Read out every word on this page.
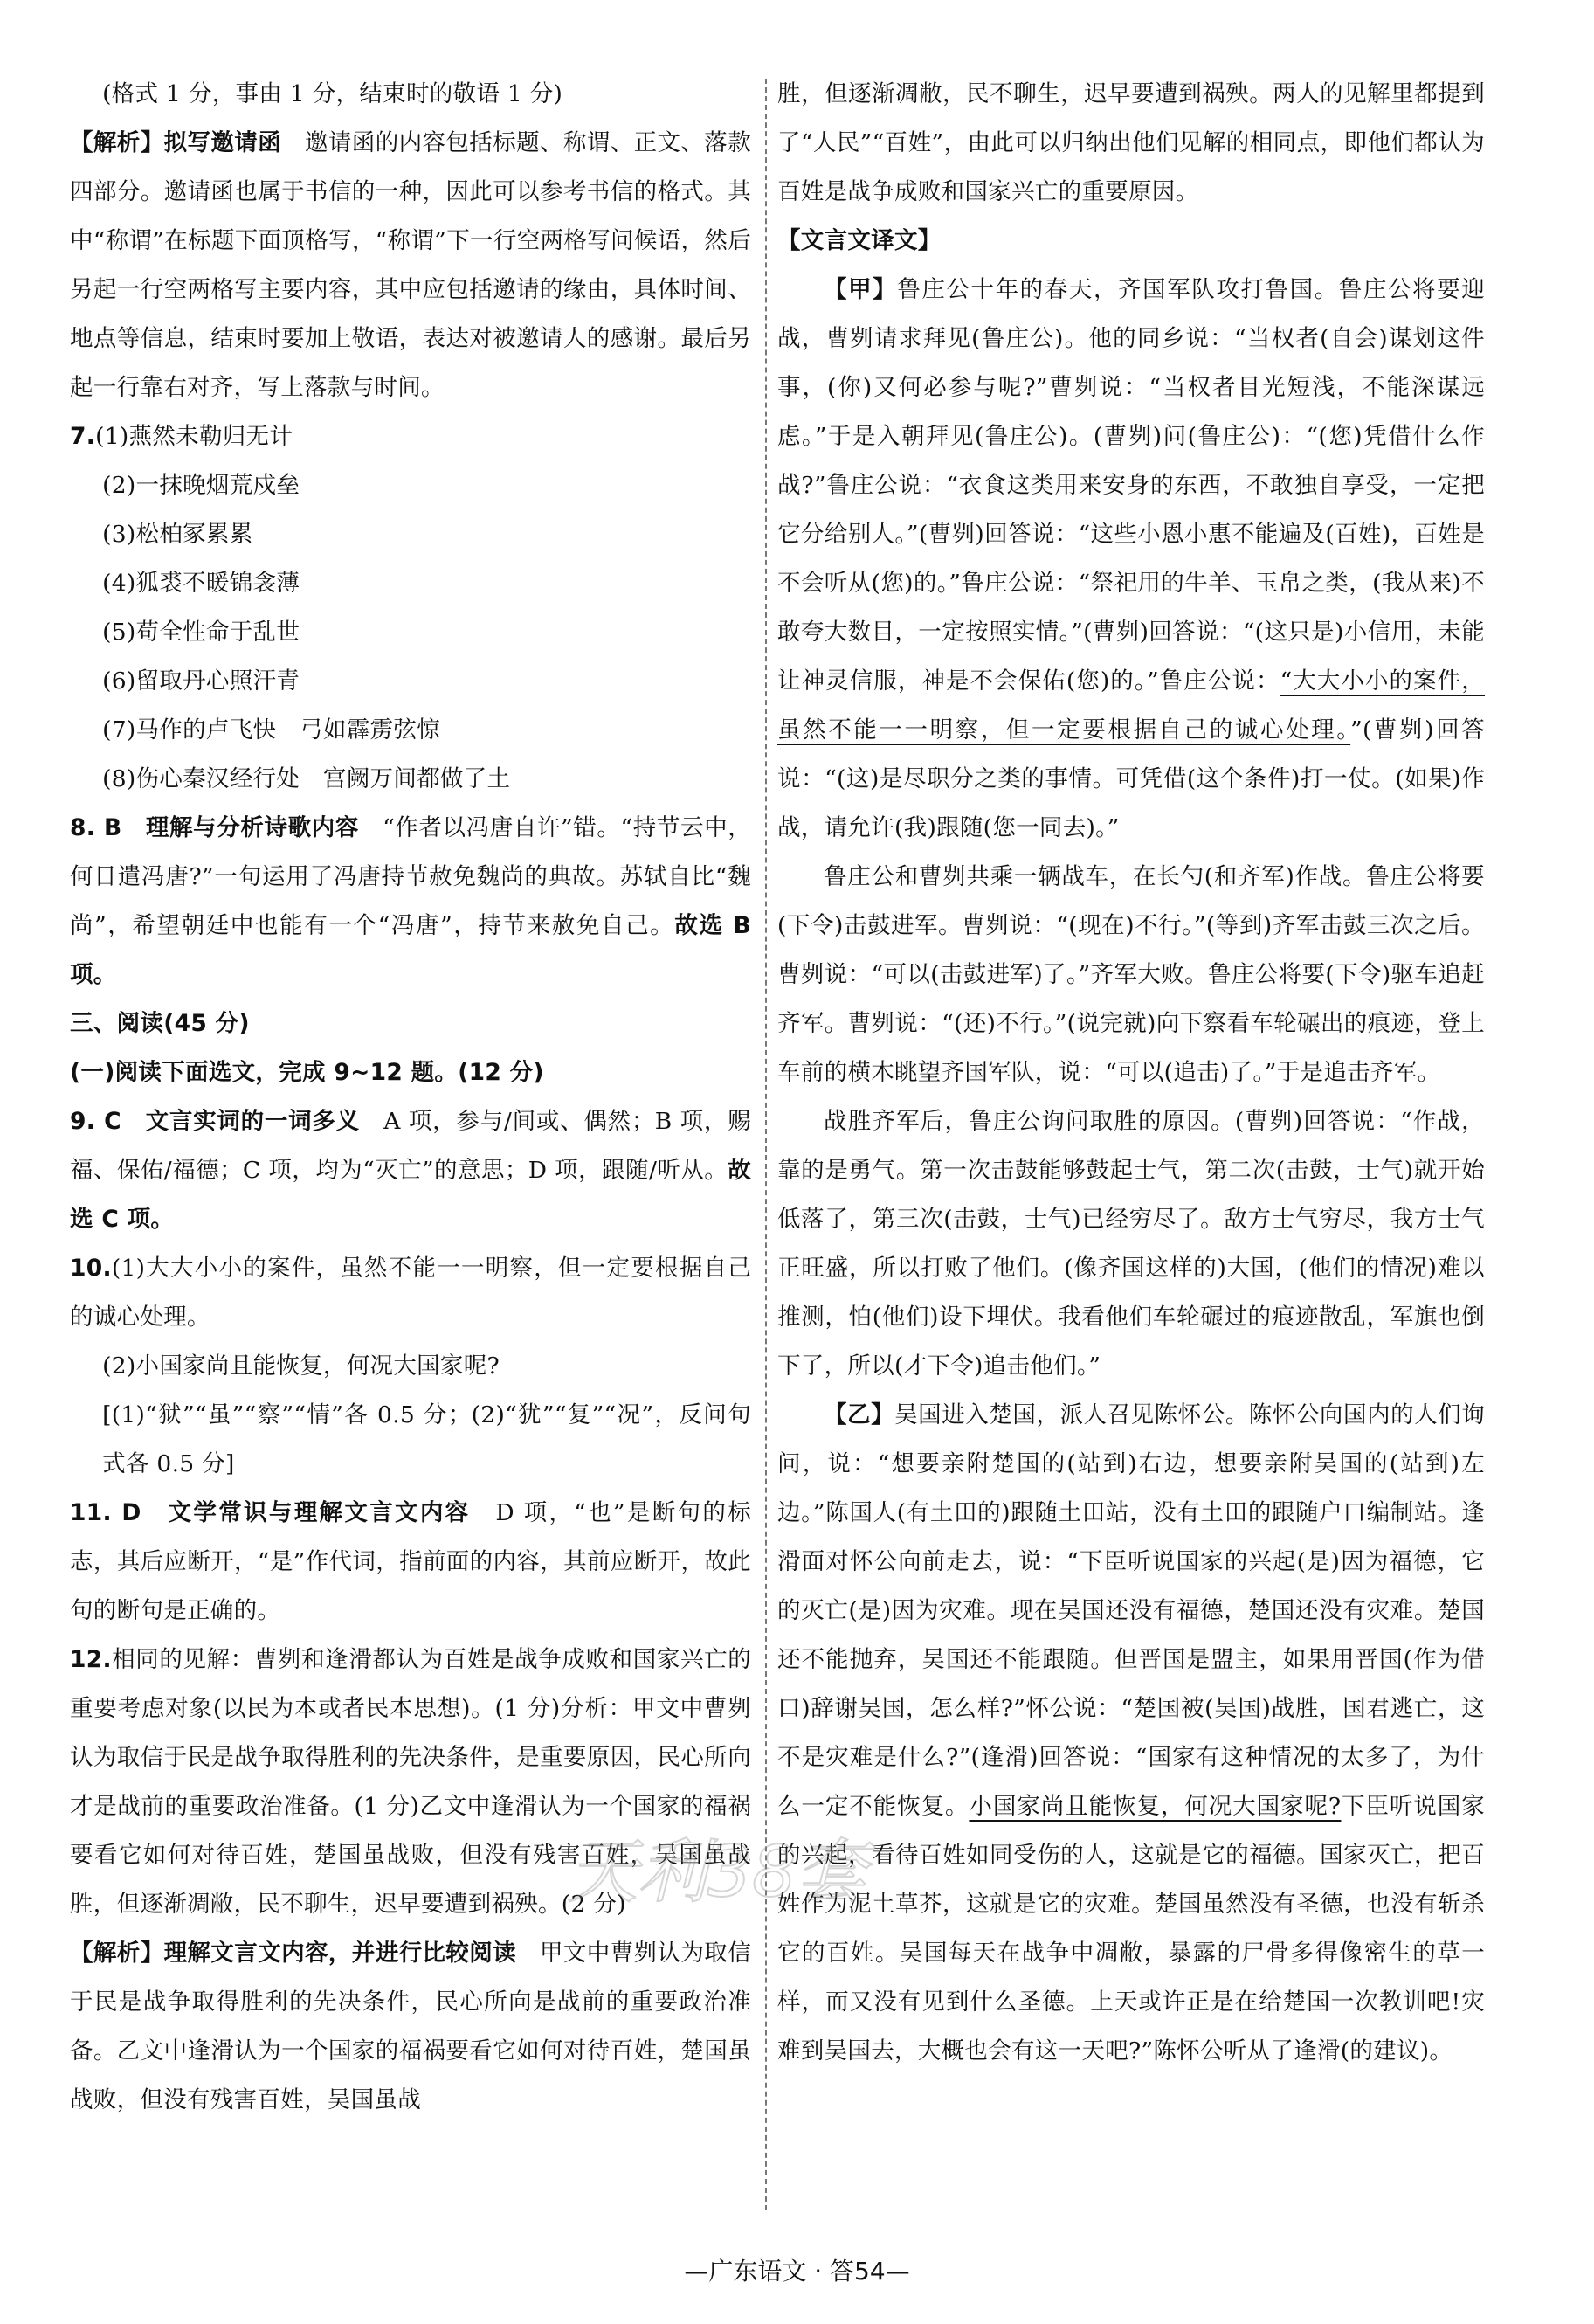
(格式 1 分，事由 1 分，结束时的敬语 1 分)

【解析】拟写邀请函　邀请函的内容包括标题、称谓、正文、落款四部分。邀请函也属于书信的一种，因此可以参考书信的格式。其中“称谓”在标题下面顶格写，“称谓”下一行空两格写问候语，然后另起一行空两格写主要内容，其中应包括邀请的缘由，具体时间、地点等信息，结束时要加上敬语，表达对被邀请人的感谢。最后另起一行靠右对齐，写上落款与时间。

7.(1)燕然未勒归无计

(2)一抹晚烟荒戍垒

(3)松柏冢累累

(4)狐裘不暖锦衾薄

(5)苟全性命于乱世

(6)留取丹心照汗青

(7)马作的卢飞快　弓如霹雳弦惊

(8)伤心秦汉经行处　宫阙万间都做了土

8. B　理解与分析诗歌内容　“作者以冯唐自许”错。“持节云中，何日遣冯唐?”一句运用了冯唐持节赦免魏尚的典故。苏轼自比“魏尚”，希望朝廷中也能有一个“冯唐”，持节来赦免自己。故选 B 项。

三、阅读(45 分)

(一)阅读下面选文，完成 9~12 题。(12 分)

9. C　文言实词的一词多义　A 项，参与/间或、偶然；B 项，赐福、保佑/福德；C 项，均为“灭亡”的意思；D 项，跟随/听从。故选 C 项。

10.(1)大大小小的案件，虽然不能一一明察，但一定要根据自己的诚心处理。

(2)小国家尚且能恢复，何况大国家呢?

[(1)“狱”“虽”“察”“情”各 0.5 分；(2)“犹”“复”“况”，反问句式各 0.5 分]

11. D　文学常识与理解文言文内容　D 项，“也”是断句的标志，其后应断开，“是”作代词，指前面的内容，其前应断开，故此句的断句是正确的。

12.相同的见解：曹刿和逢滑都认为百姓是战争成败和国家兴亡的重要考虑对象(以民为本或者民本思想)。(1 分)分析：甲文中曹刿认为取信于民是战争取得胜利的先决条件，是重要原因，民心所向才是战前的重要政治准备。(1 分)乙文中逢滑认为一个国家的福祸要看它如何对待百姓，楚国虽战败，但没有残害百姓，吴国虽战胜，但逐渐凋敝，民不聊生，迟早要遭到祸殃。(2 分)

【解析】理解文言文内容，并进行比较阅读　甲文中曹刿认为取信于民是战争取得胜利的先决条件，民心所向是战前的重要政治准备。乙文中逢滑认为一个国家的福祸要看它如何对待百姓，楚国虽战败，但没有残害百姓，吴国虽战

胜，但逐渐凋敝，民不聊生，迟早要遭到祸殃。两人的见解里都提到了“人民”“百姓”，由此可以归纳出他们见解的相同点，即他们都认为百姓是战争成败和国家兴亡的重要原因。

【文言文译文】

【甲】鲁庄公十年的春天，齐国军队攻打鲁国。鲁庄公将要迎战，曹刿请求拜见(鲁庄公)。他的同乡说：“当权者(自会)谋划这件事，(你)又何必参与呢?”曹刿说：“当权者目光短浅，不能深谋远虑。”于是入朝拜见(鲁庄公)。(曹刿)问(鲁庄公)：“(您)凭借什么作战?”鲁庄公说：“衣食这类用来安身的东西，不敢独自享受，一定把它分给别人。”(曹刿)回答说：“这些小恩小惠不能遍及(百姓)，百姓是不会听从(您)的。”鲁庄公说：“祭祀用的牛羊、玉帛之类，(我从来)不敢夸大数目，一定按照实情。”(曹刿)回答说：“(这只是)小信用，未能让神灵信服，神是不会保佑(您)的。”鲁庄公说：“大大小小的案件，虽然不能一一明察，但一定要根据自己的诚心处理。”(曹刿)回答说：“(这)是尽职分之类的事情。可凭借(这个条件)打一仗。(如果)作战，请允许(我)跟随(您一同去)。”

鲁庄公和曹刿共乘一辆战车，在长勺(和齐军)作战。鲁庄公将要(下令)击鼓进军。曹刿说：“(现在)不行。”(等到)齐军击鼓三次之后。曹刿说：“可以(击鼓进军)了。”齐军大败。鲁庄公将要(下令)驱车追赶齐军。曹刿说：“(还)不行。”(说完就)向下察看车轮碾出的痕迹，登上车前的横木眺望齐国军队，说：“可以(追击)了。”于是追击齐军。

战胜齐军后，鲁庄公询问取胜的原因。(曹刿)回答说：“作战，靠的是勇气。第一次击鼓能够鼓起士气，第二次(击鼓，士气)就开始低落了，第三次(击鼓，士气)已经穷尽了。敌方士气穷尽，我方士气正旺盛，所以打败了他们。(像齐国这样的)大国，(他们的情况)难以推测，怕(他们)设下埋伏。我看他们车轮碾过的痕迹散乱，军旗也倒下了，所以(才下令)追击他们。”

【乙】吴国进入楚国，派人召见陈怀公。陈怀公向国内的人们询问，说：“想要亲附楚国的(站到)右边，想要亲附吴国的(站到)左边。”陈国人(有土田的)跟随土田站，没有土田的跟随户口编制站。逢滑面对怀公向前走去，说：“下臣听说国家的兴起(是)因为福德，它的灭亡(是)因为灾难。现在吴国还没有福德，楚国还没有灾难。楚国还不能抛弃，吴国还不能跟随。但晋国是盟主，如果用晋国(作为借口)辞谢吴国，怎么样?”怀公说：“楚国被(吴国)战胜，国君逃亡，这不是灾难是什么?”(逢滑)回答说：“国家有这种情况的太多了，为什么一定不能恢复。小国家尚且能恢复，何况大国家呢?下臣听说国家的兴起，看待百姓如同受伤的人，这就是它的福德。国家灭亡，把百姓作为泥土草芥，这就是它的灾难。楚国虽然没有圣德，也没有斩杀它的百姓。吴国每天在战争中凋敝，暴露的尸骨多得像密生的草一样，而又没有见到什么圣德。上天或许正是在给楚国一次教训吧!灾难到吴国去，大概也会有这一天吧?”陈怀公听从了逢滑(的建议)。

天利38套
—广东语文 · 答54—
